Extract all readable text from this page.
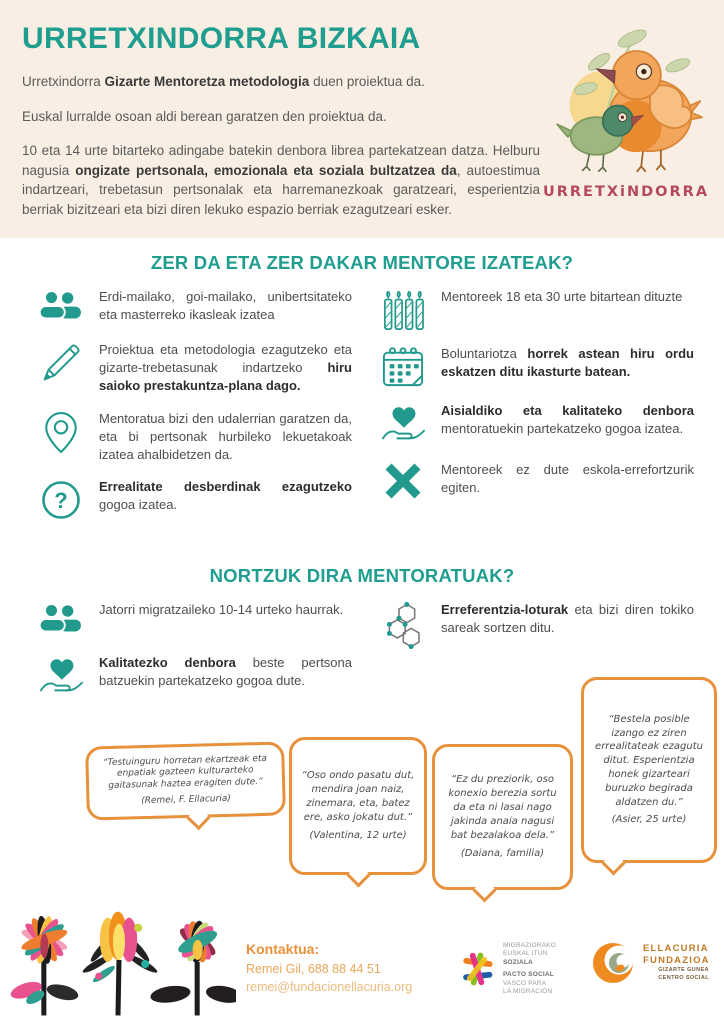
URRETXINDORRA BIZKAIA

Urretxindorra Gizarte Mentoretza metodologia duen proiektua da.

Euskal lurralde osoan aldi berean garatzen den proiektua da.

10 eta 14 urte bitarteko adingabe batekin denbora librea partekatzean datza. Helburu nagusia ongizate pertsonala, emozionala eta soziala bultzatzea da, autoestimua indartzeari, trebetasun pertsonalak eta harremanezkoak garatzeari, esperientzia berriak bizitzeari eta bizi diren lekuko espazio berriak ezagutzeari esker.

URRETXiNDORRA
ZER DA ETA ZER DAKAR MENTORE IZATEAK?

Erdi-mailako, goi-mailako, unibertsitateko eta masterreko ikasleak izatea

Proiektua eta metodologia ezagutzeko eta gizarte-trebetasunak indartzeko hiru saioko prestakuntza-plana dago.

Mentoratua bizi den udalerrian garatzen da, eta bi pertsonak hurbileko lekuetakoak izatea ahalbidetzen da.

?

Errealitate desberdinak ezagutzeko gogoa izatea.

Mentoreek 18 eta 30 urte bitartean dituzte

Boluntariotza horrek astean hiru ordu eskatzen ditu ikasturte batean.

Aisialdiko eta kalitateko denbora mentoratuekin partekatzeko gogoa izatea.

Mentoreek ez dute eskola-errefortzurik egiten.

NORTZUK DIRA MENTORATUAK?

Jatorri migratzaileko 10-14 urteko haurrak.

Kalitatezko denbora beste pertsona batzuekin partekatzeko gogoa dute.

Erreferentzia-loturak eta bizi diren tokiko sareak sortzen ditu.

“Testuinguru horretan ekartzeak eta enpatiak gazteen kulturarteko gaitasunak haztea eragiten dute.”
(Remei, F. Ellacuria)
“Oso ondo pasatu dut, mendira joan naiz, zinemara, eta, batez ere, asko jokatu dut.”
(Valentina, 12 urte)
“Ez du preziorik, oso konexio berezia sortu da eta ni lasai nago jakinda anaia nagusi bat bezalakoa dela.”
(Daiana, familia)
“Bestela posible izango ez ziren errealitateak ezagutu ditut. Esperientzia honek gizarteari buruzko begirada aldatzen du.”
(Asier, 25 urte)
Kontaktua:
Remei Gil, 688 88 44 51
remei@fundacionellacuria.org
MIGRAZIORAKO
EUSKAL ITUN
SOZIALA
PACTO SOCIAL
VASCO PARA
LA MIGRACIÓN
ELLACURIA
FUNDAZIOA
GIZARTE GUNEA
CENTRO SOCIAL
